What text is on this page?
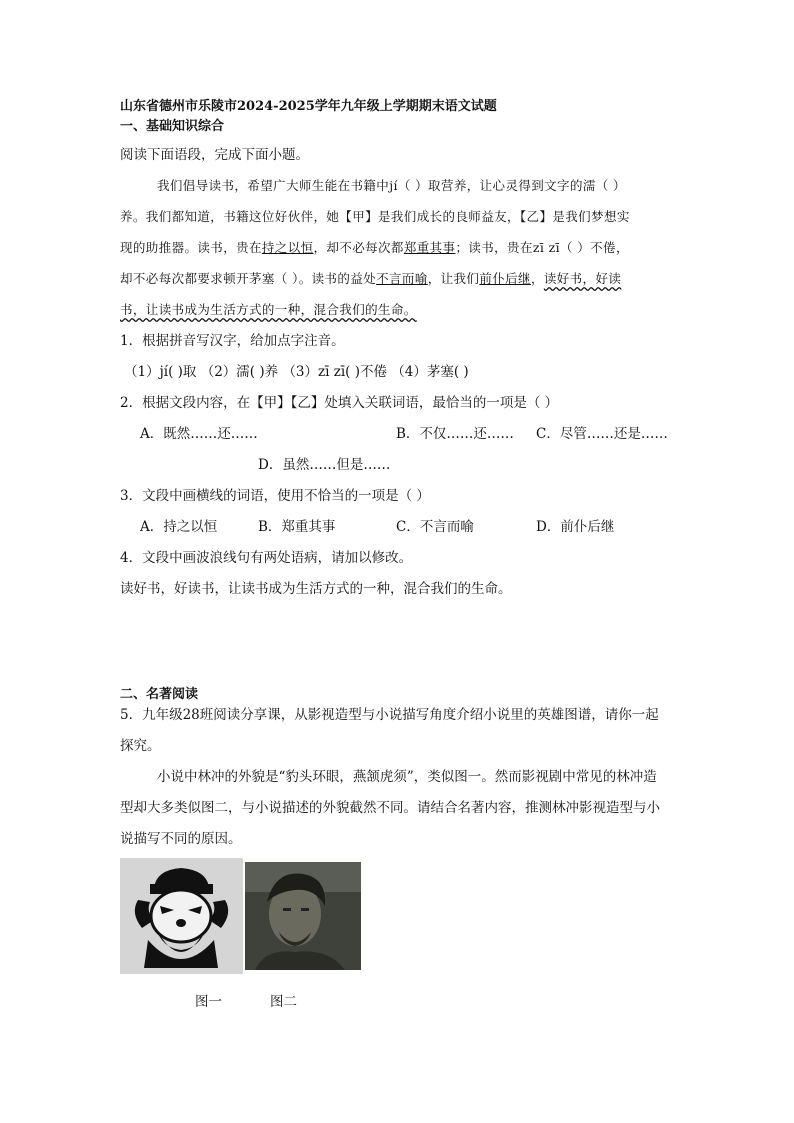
山东省德州市乐陵市2024-2025学年九年级上学期期末语文试题
一、基础知识综合
阅读下面语段，完成下面小题。
我们倡导读书，希望广大师生能在书籍中jí（ ）取营养，让心灵得到文字的濡（ ）
养。我们都知道，书籍这位好伙伴，她【甲】是我们成长的良师益友，【乙】是我们梦想实
现的助推器。读书，贵在持之以恒，却不必每次都郑重其事；读书，贵在zī zī（ ）不倦，
却不必每次都要求顿开茅塞（ ）。读书的益处不言而喻，让我们前仆后继，读好书，好读
书，让读书成为生活方式的一种，混合我们的生命。
1．根据拼音写汉字，给加点字注音。
（1）jí( )取 （2）濡( )养 （3）zī zī( )不倦 （4）茅塞( )
2．根据文段内容，在【甲】【乙】处填入关联词语，最恰当的一项是（ ）
A．既然……还……	B．不仅……还…… C．尽管……还是……
D．虽然……但是……
3．文段中画横线的词语，使用不恰当的一项是（ ）
A．持之以恒	B．郑重其事	C．不言而喻	D．前仆后继
4．文段中画波浪线句有两处语病，请加以修改。
读好书，好读书，让读书成为生活方式的一种，混合我们的生命。
二、名著阅读
5．九年级28班阅读分享课，从影视造型与小说描写角度介绍小说里的英雄图谱，请你一起
探究。
小说中林冲的外貌是“豹头环眼，燕颔虎须”，类似图一。然而影视剧中常见的林冲造
型却大多类似图二，与小说描述的外貌截然不同。请结合名著内容，推测林冲影视造型与小
说描写不同的原因。
图一	图二
